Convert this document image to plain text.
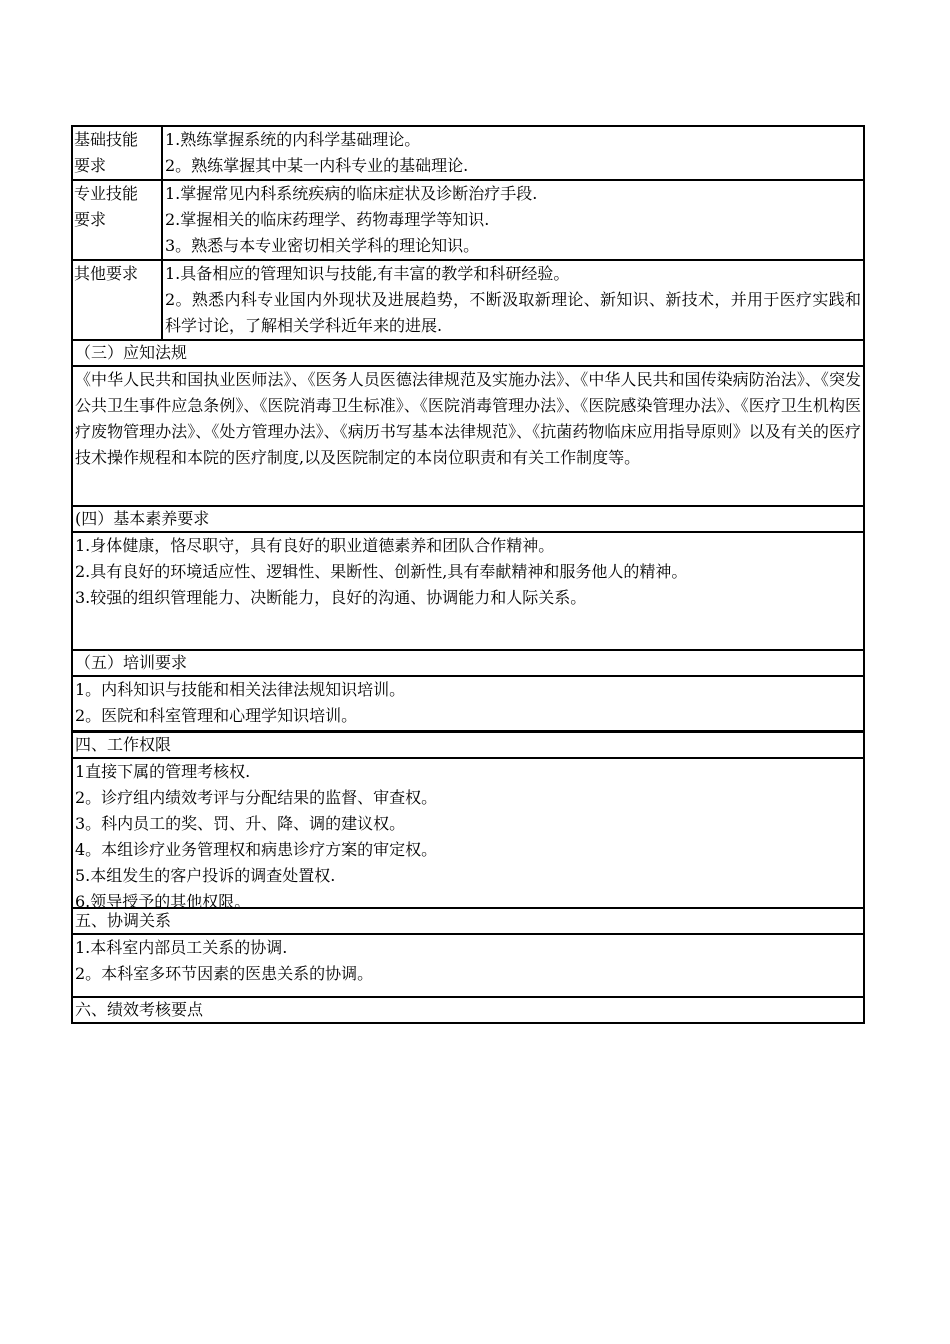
基础技能
要求
1.熟练掌握系统的内科学基础理论。
2。熟练掌握其中某一内科专业的基础理论.
专业技能
要求
1.掌握常见内科系统疾病的临床症状及诊断治疗手段.
2.掌握相关的临床药理学、药物毒理学等知识.
3。熟悉与本专业密切相关学科的理论知识。
其他要求	1.具备相应的管理知识与技能,有丰富的教学和科研经验。
2。熟悉内科专业国内外现状及进展趋势，不断汲取新理论、新知识、新技术，并用于医疗实践和科学讨论，了解相关学科近年来的进展.
（三）应知法规
《中华人民共和国执业医师法》、《医务人员医德法律规范及实施办法》、《中华人民共和国传染病防治法》、《突发公共卫生事件应急条例》、《医院消毒卫生标准》、《医院消毒管理办法》、《医院感染管理办法》、《医疗卫生机构医疗废物管理办法》、《处方管理办法》、《病历书写基本法律规范》、《抗菌药物临床应用指导原则》以及有关的医疗技术操作规程和本院的医疗制度,以及医院制定的本岗位职责和有关工作制度等。
(四）基本素养要求
1.身体健康，恪尽职守，具有良好的职业道德素养和团队合作精神。
2.具有良好的环境适应性、逻辑性、果断性、创新性,具有奉献精神和服务他人的精神。
3.较强的组织管理能力、决断能力，良好的沟通、协调能力和人际关系。
（五）培训要求
1。内科知识与技能和相关法律法规知识培训。
2。医院和科室管理和心理学知识培训。
四、工作权限
1直接下属的管理考核权.
2。诊疗组内绩效考评与分配结果的监督、审查权。
3。科内员工的奖、罚、升、降、调的建议权。
4。本组诊疗业务管理权和病患诊疗方案的审定权。
5.本组发生的客户投诉的调查处置权.
6.领导授予的其他权限。
五、协调关系
1.本科室内部员工关系的协调.
2。本科室多环节因素的医患关系的协调。
六、绩效考核要点
